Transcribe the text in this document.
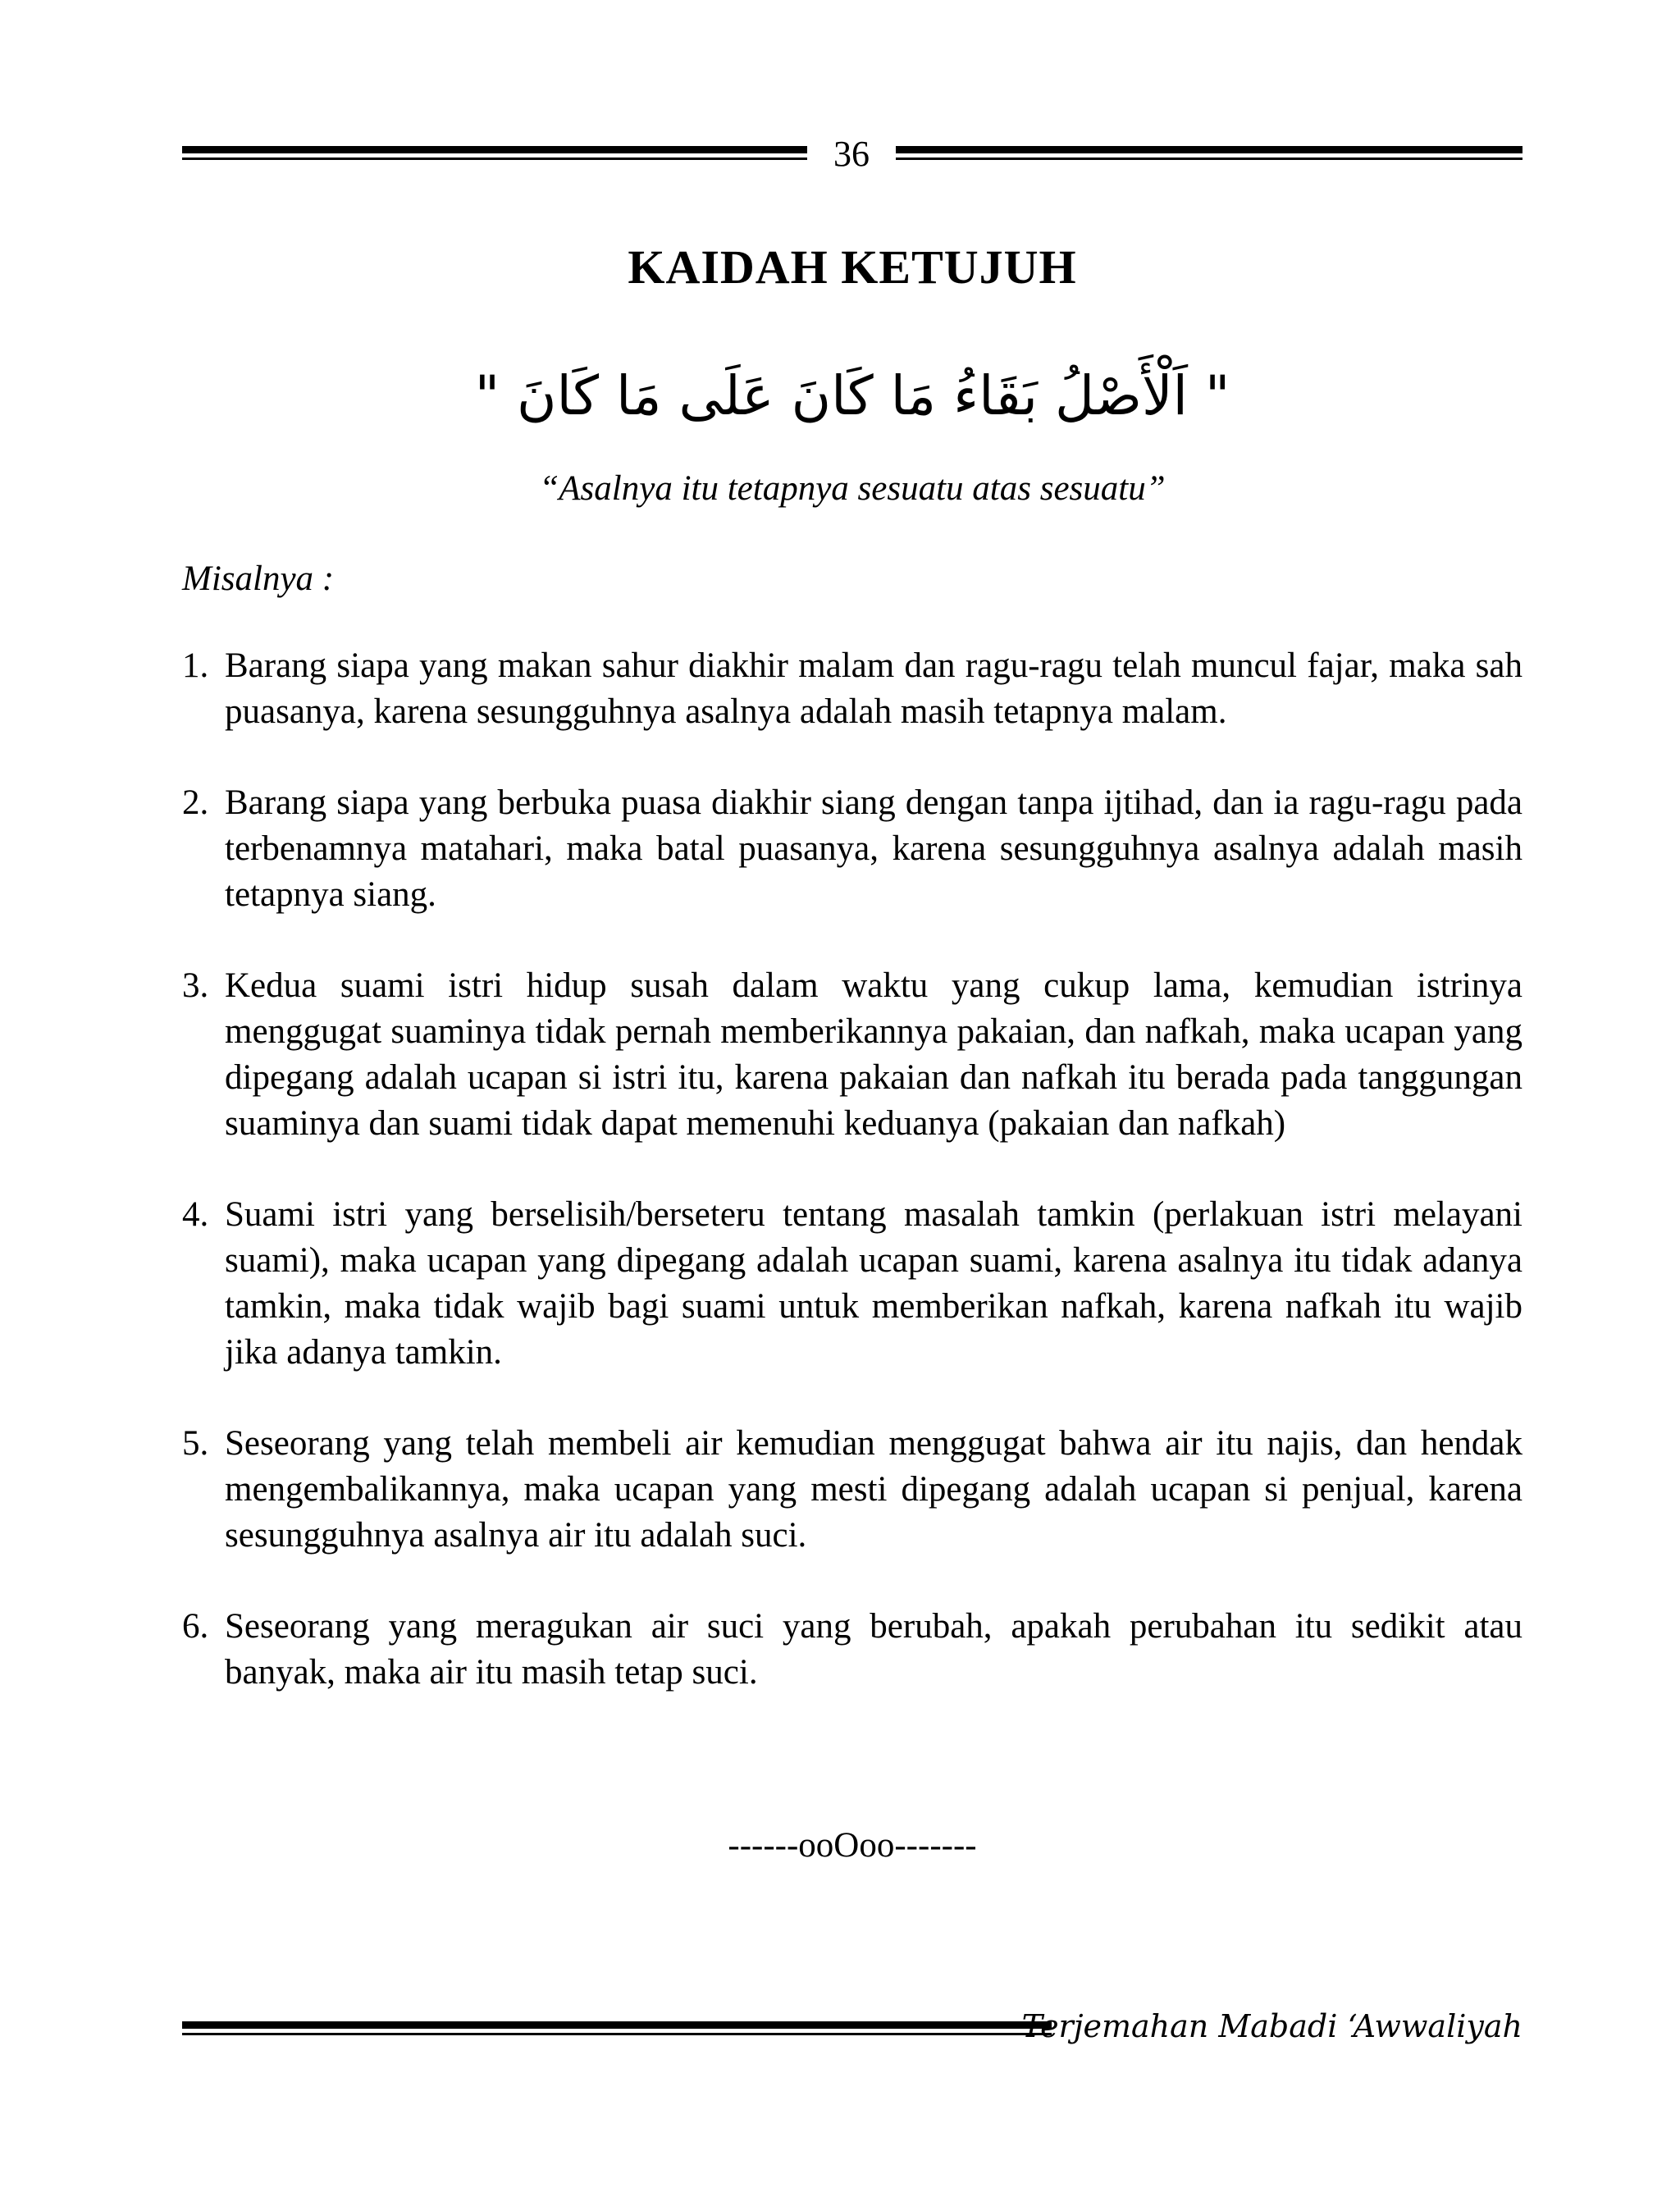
36
KAIDAH KETUJUH
" اَلْأَصْلُ بَقَاءُ مَا كَانَ عَلَى مَا كَانَ "
“Asalnya itu tetapnya sesuatu atas sesuatu”
Misalnya :
1. Barang siapa yang makan sahur diakhir malam dan ragu-ragu telah muncul fajar, maka sah puasanya, karena sesungguhnya asalnya adalah masih tetapnya malam.
2. Barang siapa yang berbuka puasa diakhir siang dengan tanpa ijtihad, dan ia ragu-ragu pada terbenamnya matahari, maka batal puasanya, karena sesungguhnya asalnya adalah masih tetapnya siang.
3. Kedua suami istri hidup susah dalam waktu yang cukup lama, kemudian istrinya menggugat suaminya tidak pernah memberikannya pakaian, dan nafkah, maka ucapan yang dipegang adalah ucapan si istri itu, karena pakaian dan nafkah itu berada pada tanggungan suaminya dan suami tidak dapat memenuhi keduanya (pakaian dan nafkah)
4. Suami istri yang berselisih/berseteru tentang masalah tamkin (perlakuan istri melayani suami), maka ucapan yang dipegang adalah ucapan suami, karena asalnya itu tidak adanya tamkin, maka tidak wajib bagi suami untuk memberikan nafkah, karena nafkah itu wajib jika adanya tamkin.
5. Seseorang yang telah membeli air kemudian menggugat bahwa air itu najis, dan hendak mengembalikannya, maka ucapan yang mesti dipegang adalah ucapan si penjual, karena sesungguhnya asalnya air itu adalah suci.
6. Seseorang yang meragukan air suci yang berubah, apakah perubahan itu sedikit atau banyak, maka air itu masih tetap suci.
------ooOoo-------
Terjemahan Mabadi ‘Awwaliyah
